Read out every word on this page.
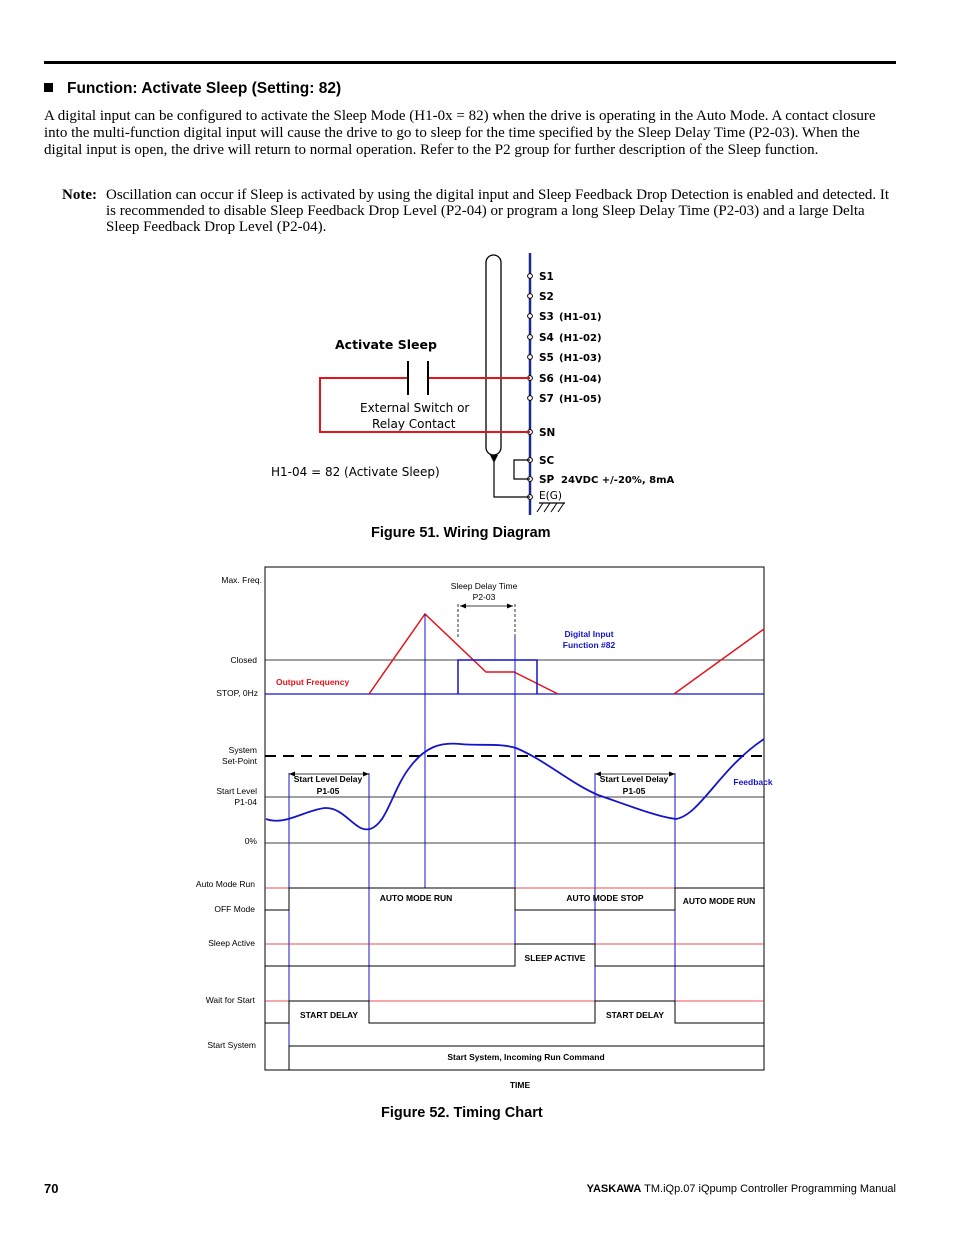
Function: Activate Sleep (Setting: 82)

A digital input can be configured to activate the Sleep Mode (H1-0x = 82) when the drive is operating in the Auto Mode. A contact closure into the multi-function digital input will cause the drive to go to sleep for the time specified by the Sleep Delay Time (P2-03). When the digital input is open, the drive will return to normal operation. Refer to the P2 group for further description of the Sleep function.

Note: Oscillation can occur if Sleep is activated by using the digital input and Sleep Feedback Drop Detection is enabled and detected. It is recommended to disable Sleep Feedback Drop Level (P2-04) or program a long Sleep Delay Time (P2-03) and a large Delta Sleep Feedback Drop Level (P2-04).
S1
S2
S3
S4
S5
S6
S7
SN
SC
SP
E(G)
(H1-01)
(H1-02)
(H1-03)
(H1-04)
(H1-05)
24VDC +/-20%, 8mA
Activate Sleep
External Switch or
Relay Contact
H1-04 = 82 (Activate Sleep)
Figure 51. Wiring Diagram
Max. Freq.
Closed
STOP, 0Hz
System
Set-Point
Start Level
P1-04
0%
Auto Mode Run
OFF Mode
Sleep Active
Wait for Start
Start System
Sleep Delay Time
P2-03
TIME
Digital Input
Function #82
Feedback
Output Frequency
Start Level Delay
P1-05
Start Level Delay
P1-05
AUTO MODE RUN	AUTO MODE STOP	AUTO MODE RUN
SLEEP ACTIVE
START DELAY	START DELAY
Start System, Incoming Run Command
Figure 52. Timing Chart
70	YASKAWA TM.iQp.07 iQpump Controller Programming Manual
